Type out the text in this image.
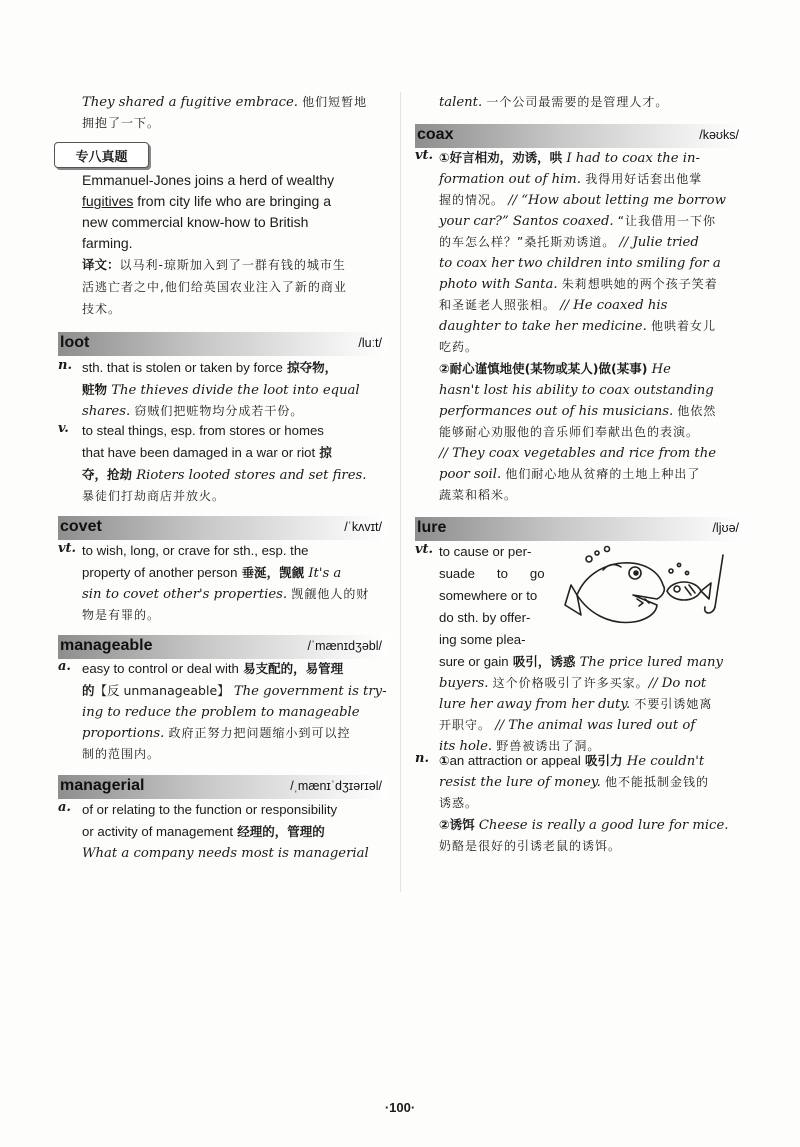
They shared a fugitive embrace. 他们短暂地
拥抱了一下。
专八真题
Emmanuel-Jones joins a herd of wealthy
fugitives from city life who are bringing a
new commercial know-how to British
farming.
译文：以马利-琼斯加入到了一群有钱的城市生
活逃亡者之中,他们给英国农业注入了新的商业
技术。
loot	/luːt/
n. sth. that is stolen or taken by force 掠夺物，
赃物 The thieves divide the loot into equal
shares. 窃贼们把赃物均分成若干份。
v. to steal things, esp. from stores or homes
that have been damaged in a war or riot 掠
夺，抢劫 Rioters looted stores and set fires.
暴徒们打劫商店并放火。
covet	/ˈkʌvɪt/
vt. to wish, long, or crave for sth., esp. the
property of another person 垂涎，觊觎 It's a
sin to covet other's properties. 觊觎他人的财
物是有罪的。
manageable	/ˈmænɪdʒəbl/
a. easy to control or deal with 易支配的，易管理
的【反 unmanageable】 The government is try-
ing to reduce the problem to manageable
proportions. 政府正努力把问题缩小到可以控
制的范围内。
managerial	/ˌmænɪˈdʒɪərɪəl/
a. of or relating to the function or responsibility
or activity of management 经理的，管理的
What a company needs most is managerial
talent. 一个公司最需要的是管理人才。
coax	/kəʊks/
vt. ①好言相劝，劝诱，哄 I had to coax the in-
formation out of him. 我得用好话套出他掌
握的情况。 // “How about letting me borrow
your car?” Santos coaxed. “让我借用一下你
的车怎么样？”桑托斯劝诱道。 // Julie tried
to coax her two children into smiling for a
photo with Santa. 朱莉想哄她的两个孩子笑着
和圣诞老人照张相。 // He coaxed his
daughter to take her medicine. 他哄着女儿
吃药。
②耐心谨慎地使(某物或某人)做(某事) He
hasn't lost his ability to coax outstanding
performances out of his musicians. 他依然
能够耐心劝服他的音乐师们奉献出色的表演。
// They coax vegetables and rice from the
poor soil. 他们耐心地从贫瘠的土地上种出了
蔬菜和稻米。
lure	/ljʊə/
vt. to cause or per-
suade      to      go
somewhere or to
do sth. by offer-
ing some plea-
sure or gain 吸引，诱惑 The price lured many
buyers. 这个价格吸引了许多买家。// Do not
lure her away from her duty. 不要引诱她离
开职守。 // The animal was lured out of
its hole. 野兽被诱出了洞。
n. ①an attraction or appeal 吸引力 He couldn't
resist the lure of money. 他不能抵制金钱的
诱惑。
②诱饵 Cheese is really a good lure for mice.
奶酪是很好的引诱老鼠的诱饵。
·100·
